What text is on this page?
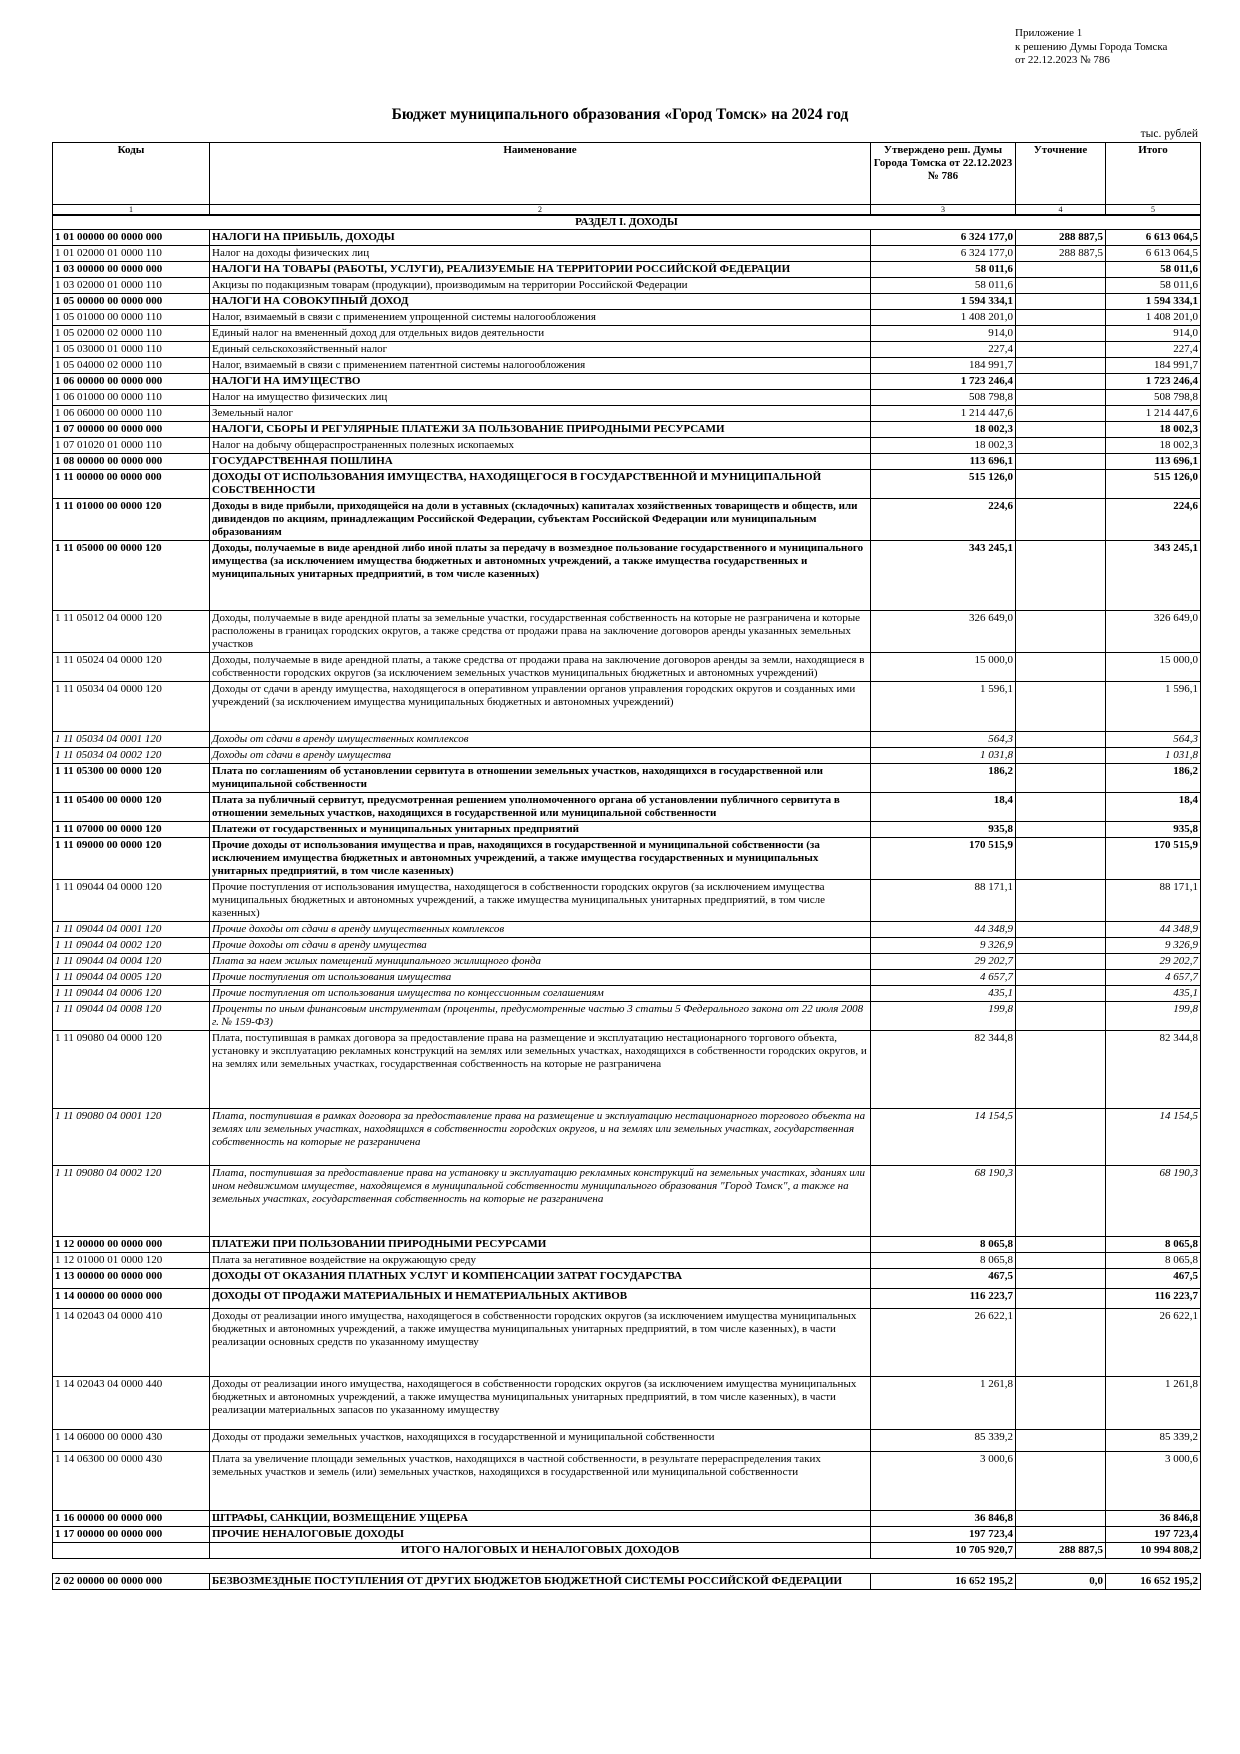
Приложение 1
к решению Думы Города Томска
от 22.12.2023 № 786
Бюджет муниципального образования «Город Томск» на 2024 год
тыс. рублей
Коды	Наименование	Утверждено реш. Думы Города Томска от 22.12.2023 № 786	Уточнение	Итого
1	2	3	4	5
РАЗДЕЛ I. ДОХОДЫ				
1 01 00000 00 0000 000	НАЛОГИ НА ПРИБЫЛЬ, ДОХОДЫ	6 324 177,0	288 887,5	6 613 064,5
1 01 02000 01 0000 110	Налог на доходы физических лиц	6 324 177,0	288 887,5	6 613 064,5
1 03 00000 00 0000 000	НАЛОГИ НА ТОВАРЫ (РАБОТЫ, УСЛУГИ), РЕАЛИЗУЕМЫЕ НА ТЕРРИТОРИИ РОССИЙСКОЙ ФЕДЕРАЦИИ	58 011,6		58 011,6
1 03 02000 01 0000 110	Акцизы по подакцизным товарам (продукции), производимым на территории Российской Федерации	58 011,6		58 011,6
1 05 00000 00 0000 000	НАЛОГИ НА СОВОКУПНЫЙ ДОХОД	1 594 334,1		1 594 334,1
1 05 01000 00 0000 110	Налог, взимаемый в связи с применением упрощенной системы налогообложения	1 408 201,0		1 408 201,0
1 05 02000 02 0000 110	Единый налог на вмененный доход для отдельных видов деятельности	914,0		914,0
1 05 03000 01 0000 110	Единый сельскохозяйственный налог	227,4		227,4
1 05 04000 02 0000 110	Налог, взимаемый в связи с применением патентной системы налогообложения	184 991,7		184 991,7
1 06 00000 00 0000 000	НАЛОГИ НА ИМУЩЕСТВО	1 723 246,4		1 723 246,4
1 06 01000 00 0000 110	Налог на имущество физических лиц	508 798,8		508 798,8
1 06 06000 00 0000 110	Земельный налог	1 214 447,6		1 214 447,6
1 07 00000 00 0000 000	НАЛОГИ, СБОРЫ И РЕГУЛЯРНЫЕ ПЛАТЕЖИ ЗА ПОЛЬЗОВАНИЕ ПРИРОДНЫМИ РЕСУРСАМИ	18 002,3		18 002,3
1 07 01020 01 0000 110	Налог на добычу общераспространенных полезных ископаемых	18 002,3		18 002,3
1 08 00000 00 0000 000	ГОСУДАРСТВЕННАЯ ПОШЛИНА	113 696,1		113 696,1
1 11 00000 00 0000 000	ДОХОДЫ ОТ ИСПОЛЬЗОВАНИЯ ИМУЩЕСТВА, НАХОДЯЩЕГОСЯ В ГОСУДАРСТВЕННОЙ И МУНИЦИПАЛЬНОЙ СОБСТВЕННОСТИ	515 126,0		515 126,0
1 11 01000 00 0000 120	Доходы в виде прибыли, приходящейся на доли в уставных (складочных) капиталах хозяйственных товариществ и обществ, или дивидендов по акциям, принадлежащим Российской Федерации, субъектам Российской Федерации или муниципальным образованиям	224,6		224,6
1 11 05000 00 0000 120	Доходы, получаемые в виде арендной либо иной платы за передачу в возмездное пользование государственного и муниципального имущества (за исключением имущества бюджетных и автономных учреждений, а также имущества государственных и муниципальных унитарных предприятий, в том числе казенных)	343 245,1		343 245,1
1 11 05012 04 0000 120	Доходы, получаемые в виде арендной платы за земельные участки, государственная собственность на которые не разграничена и которые расположены в границах городских округов, а также средства от продажи права на заключение договоров аренды указанных земельных участков	326 649,0		326 649,0
1 11 05024 04 0000 120	Доходы, получаемые в виде арендной платы, а также средства от продажи права на заключение договоров аренды за земли, находящиеся в собственности городских округов (за исключением земельных участков муниципальных бюджетных и автономных учреждений)	15 000,0		15 000,0
1 11 05034 04 0000 120	Доходы от сдачи в аренду имущества, находящегося в оперативном управлении органов управления городских округов и созданных ими учреждений (за исключением имущества муниципальных бюджетных и автономных учреждений)	1 596,1		1 596,1
1 11 05034 04 0001 120	Доходы от сдачи в аренду имущественных комплексов	564,3		564,3
1 11 05034 04 0002 120	Доходы от сдачи в аренду имущества	1 031,8		1 031,8
1 11 05300 00 0000 120	Плата по соглашениям об установлении сервитута в отношении земельных участков, находящихся в государственной или муниципальной собственности	186,2		186,2
1 11 05400 00 0000 120	Плата за публичный сервитут, предусмотренная решением уполномоченного органа об установлении публичного сервитута в отношении земельных участков, находящихся в государственной или муниципальной собственности	18,4		18,4
1 11 07000 00 0000 120	Платежи от государственных и муниципальных унитарных предприятий	935,8		935,8
1 11 09000 00 0000 120	Прочие доходы от использования имущества и прав, находящихся в государственной и муниципальной собственности (за исключением имущества бюджетных и автономных учреждений, а также имущества государственных и муниципальных унитарных предприятий, в том числе казенных)	170 515,9		170 515,9
1 11 09044 04 0000 120	Прочие поступления от использования имущества, находящегося в собственности городских округов (за исключением имущества муниципальных бюджетных и автономных учреждений, а также имущества муниципальных унитарных предприятий, в том числе казенных)	88 171,1		88 171,1
1 11 09044 04 0001 120	Прочие доходы от сдачи в аренду имущественных комплексов	44 348,9		44 348,9
1 11 09044 04 0002 120	Прочие доходы от сдачи в аренду имущества	9 326,9		9 326,9
1 11 09044 04 0004 120	Плата за наем жилых помещений муниципального жилищного фонда	29 202,7		29 202,7
1 11 09044 04 0005 120	Прочие поступления от использования имущества	4 657,7		4 657,7
1 11 09044 04 0006 120	Прочие поступления от использования имущества по концессионным соглашениям	435,1		435,1
1 11 09044 04 0008 120	Проценты по иным финансовым инструментам (проценты, предусмотренные частью 3 статьи 5 Федерального закона от 22 июля 2008 г. № 159-ФЗ)	199,8		199,8
1 11 09080 04 0000 120	Плата, поступившая в рамках договора за предоставление права на размещение и эксплуатацию нестационарного торгового объекта, установку и эксплуатацию рекламных конструкций на землях или земельных участках, находящихся в собственности городских округов, и на землях или земельных участках, государственная собственность на которые не разграничена	82 344,8		82 344,8
1 11 09080 04 0001 120	Плата, поступившая в рамках договора за предоставление права на размещение и эксплуатацию нестационарного торгового объекта на землях или земельных участках, находящихся в собственности городских округов, и на землях или земельных участках, государственная собственность на которые не разграничена	14 154,5		14 154,5
1 11 09080 04 0002 120	Плата, поступившая за предоставление права на установку и эксплуатацию рекламных конструкций на земельных участках, зданиях или ином недвижимом имуществе, находящемся в муниципальной собственности муниципального образования "Город Томск", а также на земельных участках, государственная собственность на которые не разграничена	68 190,3		68 190,3
1 12 00000 00 0000 000	ПЛАТЕЖИ ПРИ ПОЛЬЗОВАНИИ ПРИРОДНЫМИ РЕСУРСАМИ	8 065,8		8 065,8
1 12 01000 01 0000 120	Плата за негативное воздействие на окружающую среду	8 065,8		8 065,8
1 13 00000 00 0000 000	ДОХОДЫ ОТ ОКАЗАНИЯ ПЛАТНЫХ УСЛУГ И КОМПЕНСАЦИИ ЗАТРАТ ГОСУДАРСТВА	467,5		467,5
1 14 00000 00 0000 000	ДОХОДЫ ОТ ПРОДАЖИ МАТЕРИАЛЬНЫХ И НЕМАТЕРИАЛЬНЫХ АКТИВОВ	116 223,7		116 223,7
1 14 02043 04 0000 410	Доходы от реализации иного имущества, находящегося в собственности городских округов (за исключением имущества муниципальных бюджетных и автономных учреждений, а также имущества муниципальных унитарных предприятий, в том числе казенных), в части реализации основных средств по указанному имуществу	26 622,1		26 622,1
1 14 02043 04 0000 440	Доходы от реализации иного имущества, находящегося в собственности городских округов (за исключением имущества муниципальных бюджетных и автономных учреждений, а также имущества муниципальных унитарных предприятий, в том числе казенных), в части реализации материальных запасов по указанному имуществу	1 261,8		1 261,8
1 14 06000 00 0000 430	Доходы от продажи земельных участков, находящихся в государственной и муниципальной собственности	85 339,2		85 339,2
1 14 06300 00 0000 430	Плата за увеличение площади земельных участков, находящихся в частной собственности, в результате перераспределения таких земельных участков и земель (или) земельных участков, находящихся в государственной или муниципальной собственности	3 000,6		3 000,6
1 16 00000 00 0000 000	ШТРАФЫ, САНКЦИИ, ВОЗМЕЩЕНИЕ УЩЕРБА	36 846,8		36 846,8
1 17 00000 00 0000 000	ПРОЧИЕ НЕНАЛОГОВЫЕ ДОХОДЫ	197 723,4		197 723,4
	ИТОГО НАЛОГОВЫХ И НЕНАЛОГОВЫХ ДОХОДОВ	10 705 920,7	288 887,5	10 994 808,2

2 02 00000 00 0000 000	БЕЗВОЗМЕЗДНЫЕ ПОСТУПЛЕНИЯ ОТ ДРУГИХ БЮДЖЕТОВ БЮДЖЕТНОЙ СИСТЕМЫ РОССИЙСКОЙ ФЕДЕРАЦИИ	16 652 195,2	0,0	16 652 195,2
